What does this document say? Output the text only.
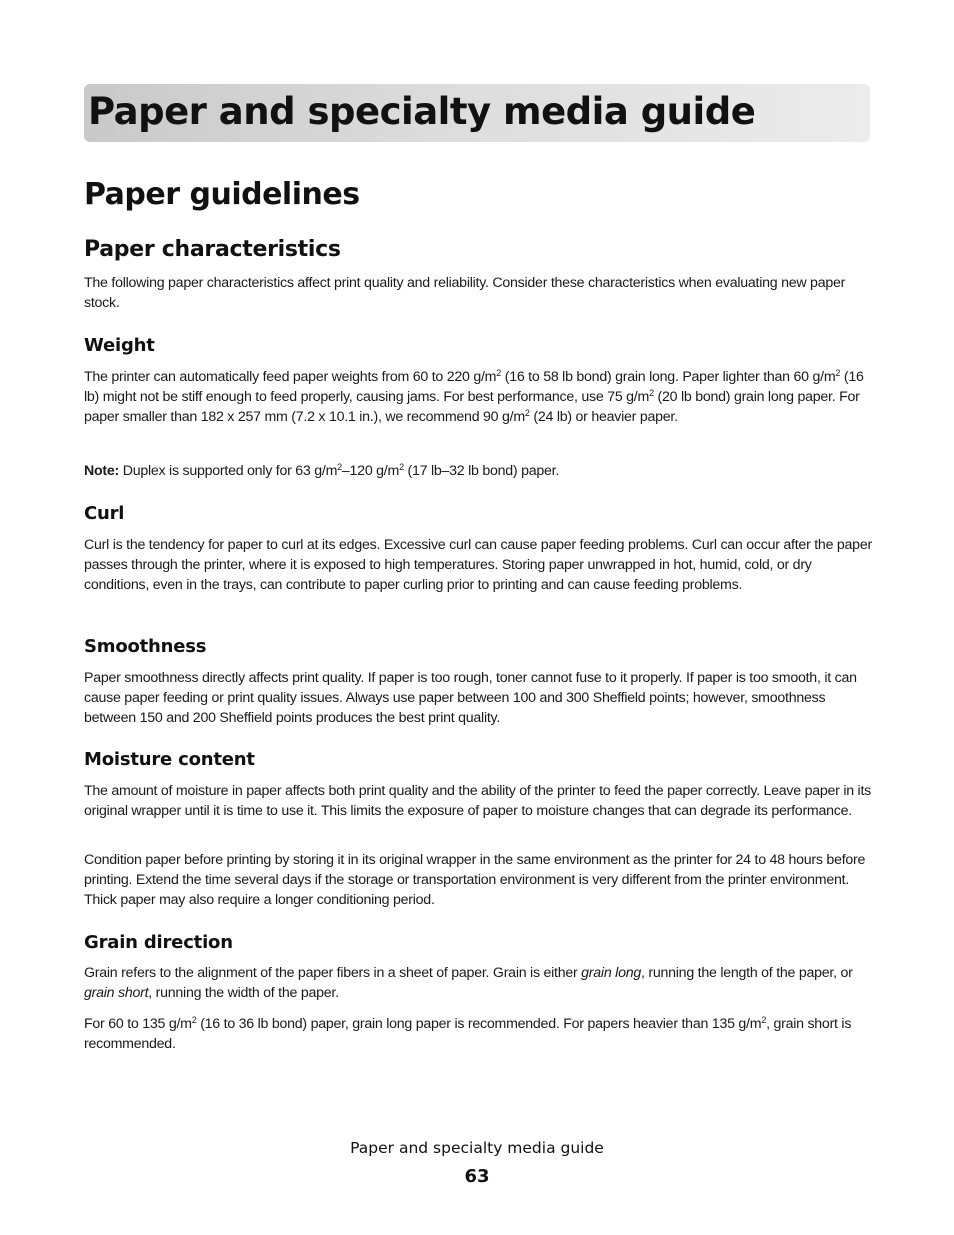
Paper and specialty media guide
Paper guidelines
Paper characteristics

The following paper characteristics affect print quality and reliability. Consider these characteristics when evaluating new paper stock.

Weight

The printer can automatically feed paper weights from 60 to 220 $g/m^2$ (16 to 58 lb bond) grain long. Paper lighter than 60 $g/m^2$ (16 lb) might not be stiff enough to feed properly, causing jams. For best performance, use 75 $g/m^2$ (20 lb bond) grain long paper. For paper smaller than 182 x 257 mm (7.2 x 10.1 in.), we recommend 90 $g/m^2$ (24 lb) or heavier paper.

Note: Duplex is supported only for 63 $g/m^2-120$ $g/m^2$ (17 lb–32 lb bond) paper.

Curl

Curl is the tendency for paper to curl at its edges. Excessive curl can cause paper feeding problems. Curl can occur after the paper passes through the printer, where it is exposed to high temperatures. Storing paper unwrapped in hot, humid, cold, or dry conditions, even in the trays, can contribute to paper curling prior to printing and can cause feeding problems.

Smoothness

Paper smoothness directly affects print quality. If paper is too rough, toner cannot fuse to it properly. If paper is too smooth, it can cause paper feeding or print quality issues. Always use paper between 100 and 300 Sheffield points; however, smoothness between 150 and 200 Sheffield points produces the best print quality.

Moisture content

The amount of moisture in paper affects both print quality and the ability of the printer to feed the paper correctly. Leave paper in its original wrapper until it is time to use it. This limits the exposure of paper to moisture changes that can degrade its performance.

Condition paper before printing by storing it in its original wrapper in the same environment as the printer for 24 to 48 hours before printing. Extend the time several days if the storage or transportation environment is very different from the printer environment. Thick paper may also require a longer conditioning period.

Grain direction

Grain refers to the alignment of the paper fibers in a sheet of paper. Grain is either grain long, running the length of the paper, or grain short, running the width of the paper.

For 60 to 135 $g/m^2$ (16 to 36 lb bond) paper, grain long paper is recommended. For papers heavier than 135 $g/m^2$, grain short is recommended.

Paper and specialty media guide
63
